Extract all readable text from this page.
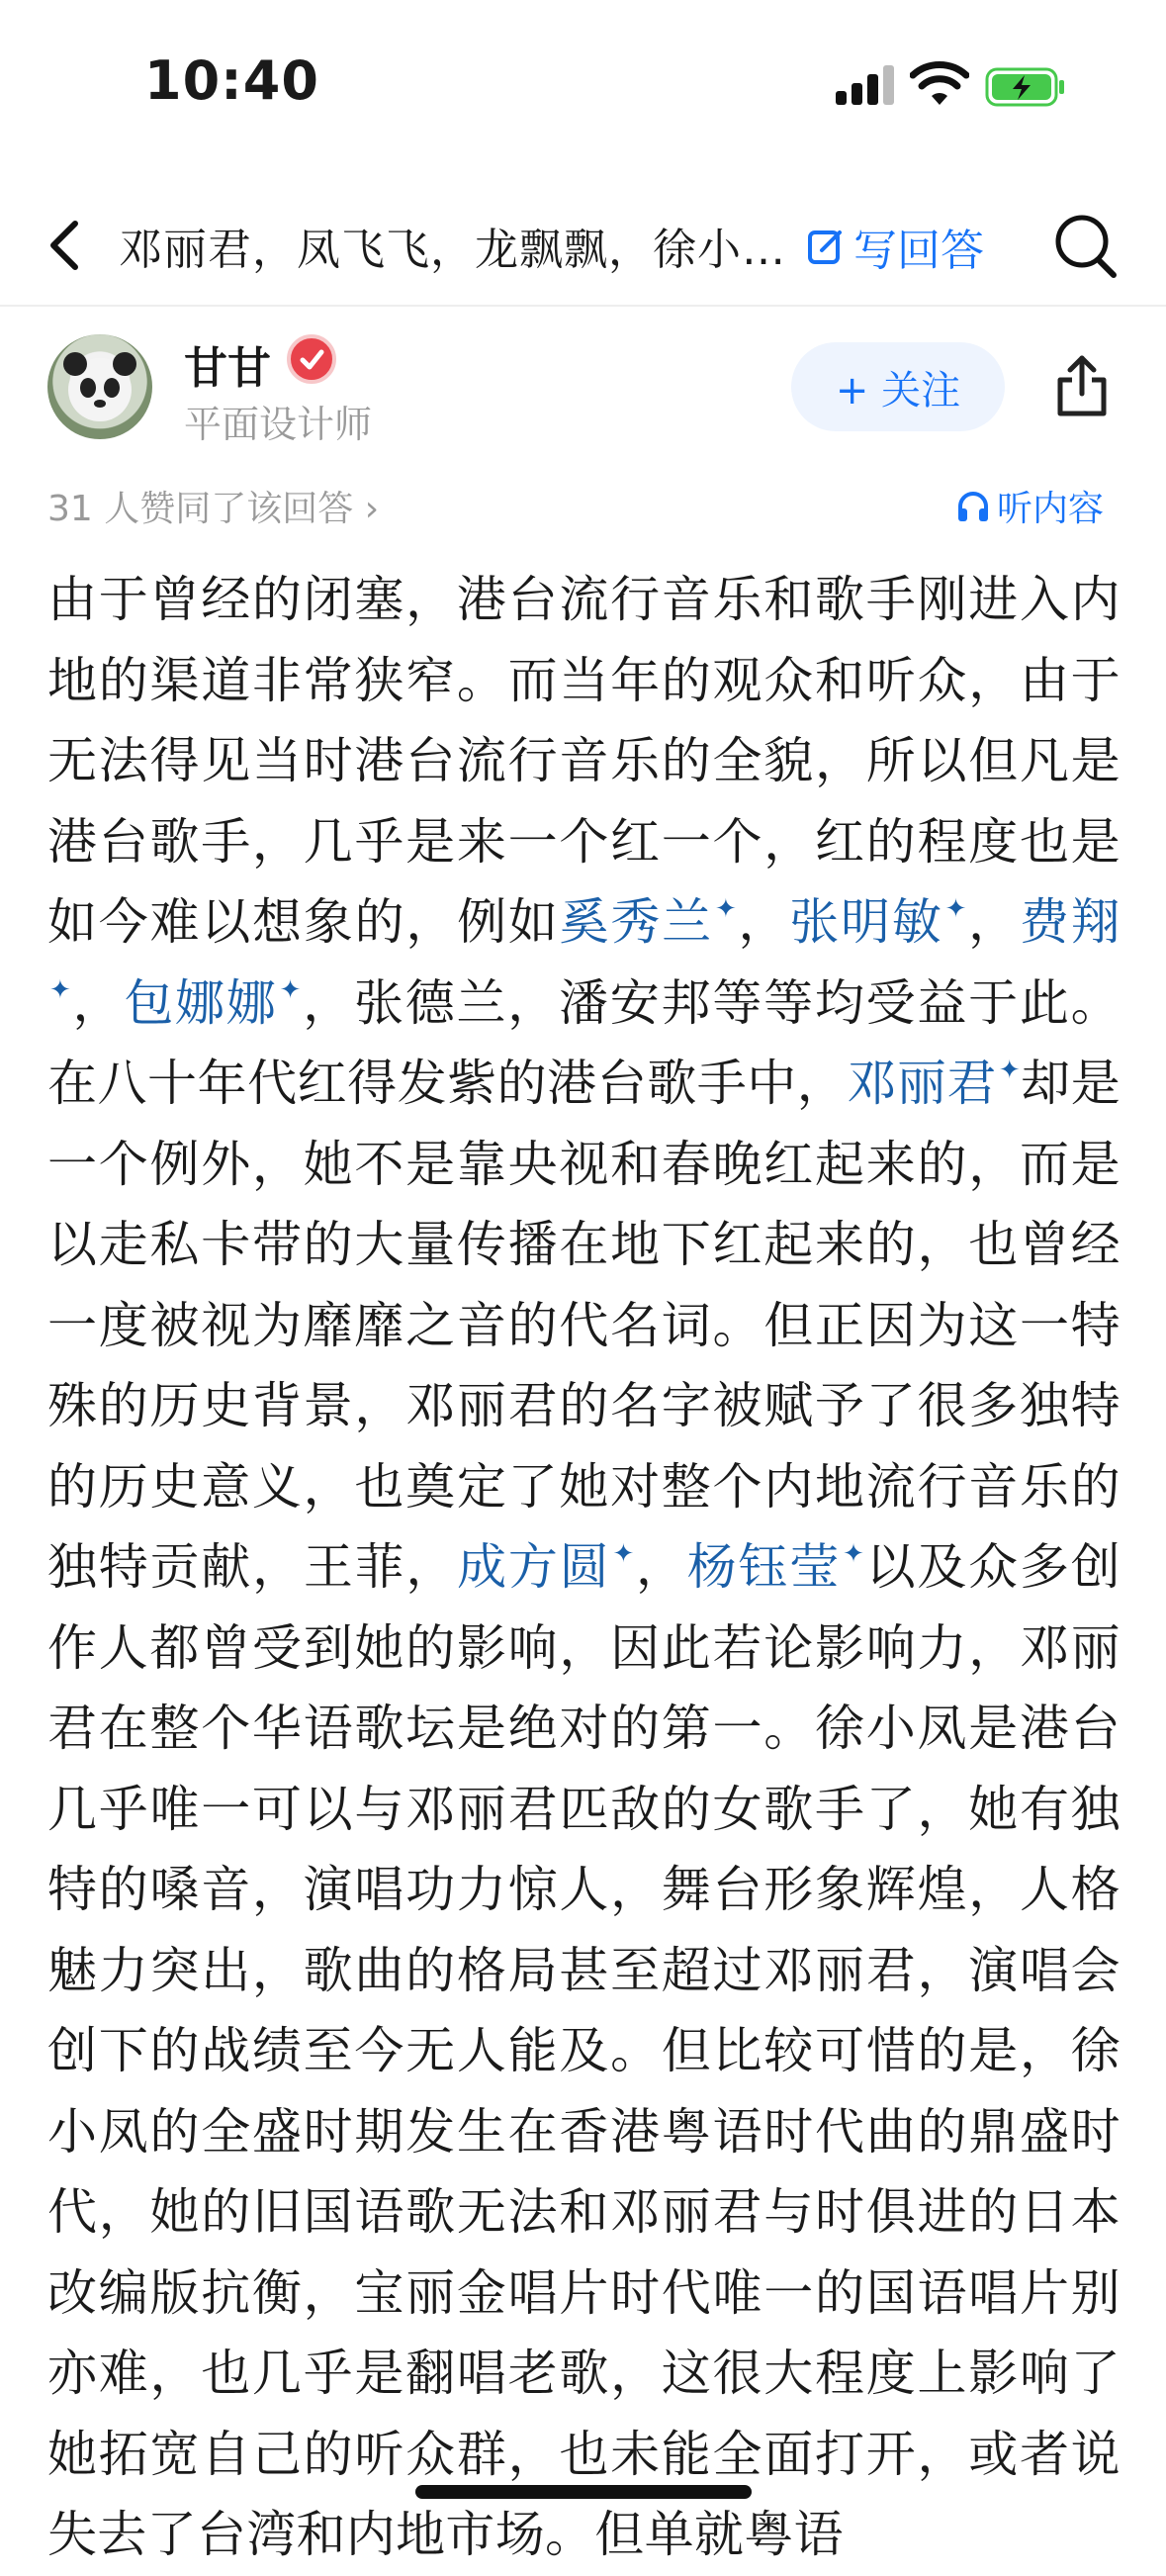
10:40
邓丽君，凤飞飞，龙飘飘，徐小… 写回答
甘甘
平面设计师
+ 关注
31 人赞同了该回答 ›	听内容
由于曾经的闭塞，港台流行音乐和歌手刚进入内地的渠道非常狭窄。而当年的观众和听众，由于无法得见当时港台流行音乐的全貌，所以但凡是港台歌手，几乎是来一个红一个，红的程度也是如今难以想象的，例如奚秀兰✦，张明敏✦，费翔✦，包娜娜✦，张德兰，潘安邦等等均受益于此。在八十年代红得发紫的港台歌手中，邓丽君✦却是一个例外，她不是靠央视和春晚红起来的，而是以走私卡带的大量传播在地下红起来的，也曾经一度被视为靡靡之音的代名词。但正因为这一特殊的历史背景，邓丽君的名字被赋予了很多独特的历史意义，也奠定了她对整个内地流行音乐的独特贡献，王菲，成方圆✦，杨钰莹✦以及众多创作人都曾受到她的影响，因此若论影响力，邓丽君在整个华语歌坛是绝对的第一。徐小凤是港台几乎唯一可以与邓丽君匹敌的女歌手了，她有独特的嗓音，演唱功力惊人，舞台形象辉煌，人格魅力突出，歌曲的格局甚至超过邓丽君，演唱会创下的战绩至今无人能及。但比较可惜的是，徐小凤的全盛时期发生在香港粤语时代曲的鼎盛时代，她的旧国语歌无法和邓丽君与时俱进的日本改编版抗衡，宝丽金唱片时代唯一的国语唱片别亦难，也几乎是翻唱老歌，这很大程度上影响了她拓宽自己的听众群，也未能全面打开，或者说失去了台湾和内地市场。但单就粤语
